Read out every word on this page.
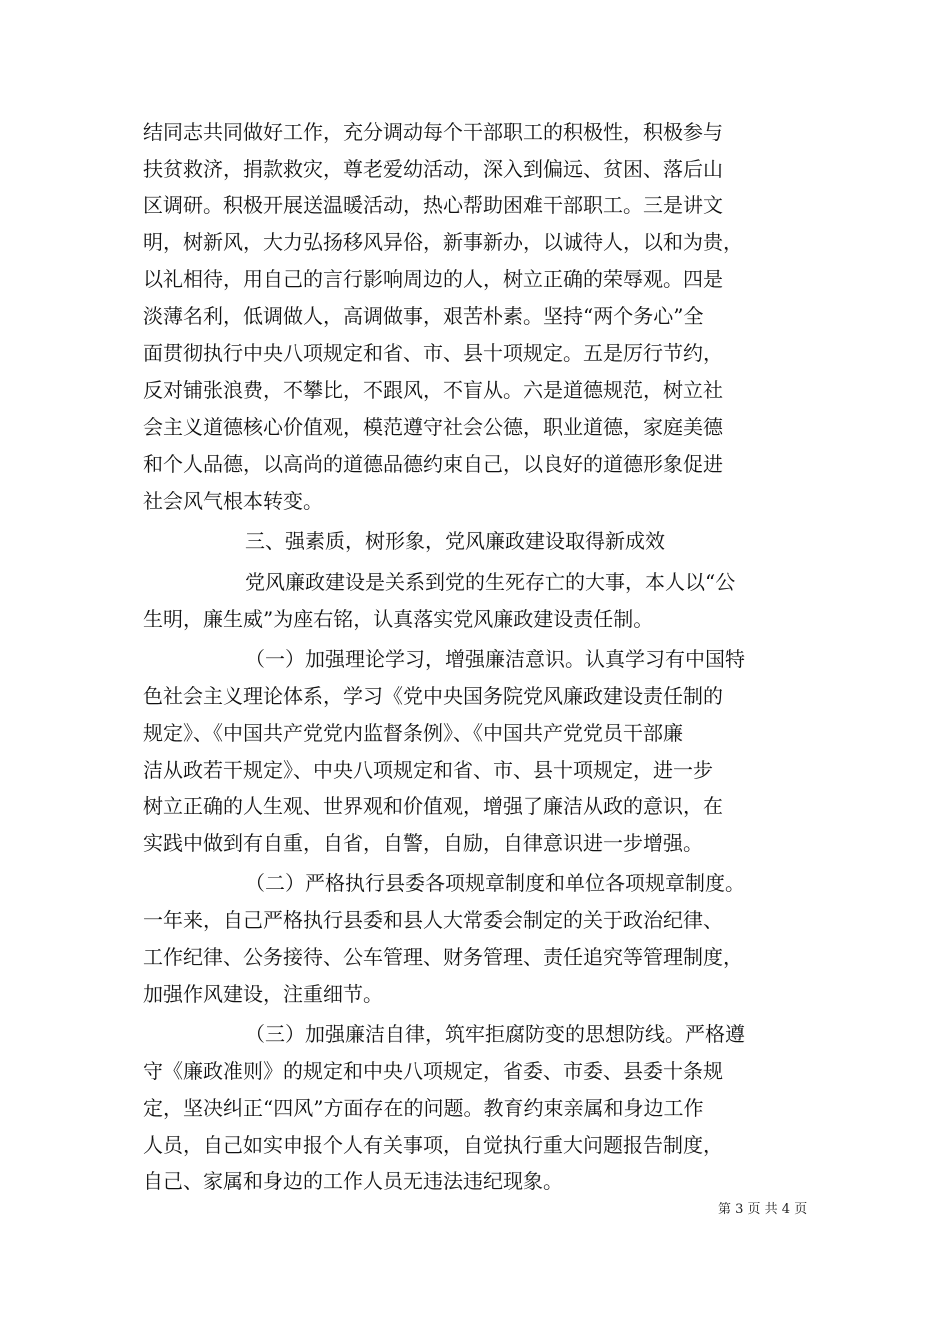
结同志共同做好工作，充分调动每个干部职工的积极性，积极参与
扶贫救济，捐款救灾，尊老爱幼活动，深入到偏远、贫困、落后山
区调研。积极开展送温暖活动，热心帮助困难干部职工。三是讲文
明，树新风，大力弘扬移风异俗，新事新办，以诚待人，以和为贵，
以礼相待，用自己的言行影响周边的人，树立正确的荣辱观。四是
淡薄名利，低调做人，高调做事，艰苦朴素。坚持“两个务心”全
面贯彻执行中央八项规定和省、市、县十项规定。五是厉行节约，
反对铺张浪费，不攀比，不跟风，不盲从。六是道德规范，树立社
会主义道德核心价值观，模范遵守社会公德，职业道德，家庭美德
和个人品德，以高尚的道德品德约束自己，以良好的道德形象促进
社会风气根本转变。
三、强素质，树形象，党风廉政建设取得新成效
党风廉政建设是关系到党的生死存亡的大事，本人以“公
生明，廉生威”为座右铭，认真落实党风廉政建设责任制。
（一）加强理论学习，增强廉洁意识。认真学习有中国特
色社会主义理论体系，学习《党中央国务院党风廉政建设责任制的
规定》、《中国共产党党内监督条例》、《中国共产党党员干部廉
洁从政若干规定》、中央八项规定和省、市、县十项规定，进一步
树立正确的人生观、世界观和价值观，增强了廉洁从政的意识，在
实践中做到有自重，自省，自警，自励，自律意识进一步增强。
（二）严格执行县委各项规章制度和单位各项规章制度。
一年来，自己严格执行县委和县人大常委会制定的关于政治纪律、
工作纪律、公务接待、公车管理、财务管理、责任追究等管理制度，
加强作风建设，注重细节。
（三）加强廉洁自律，筑牢拒腐防变的思想防线。严格遵
守《廉政准则》的规定和中央八项规定，省委、市委、县委十条规
定，坚决纠正“四风”方面存在的问题。教育约束亲属和身边工作
人员，自己如实申报个人有关事项，自觉执行重大问题报告制度，
自己、家属和身边的工作人员无违法违纪现象。
第 3 页 共 4 页
